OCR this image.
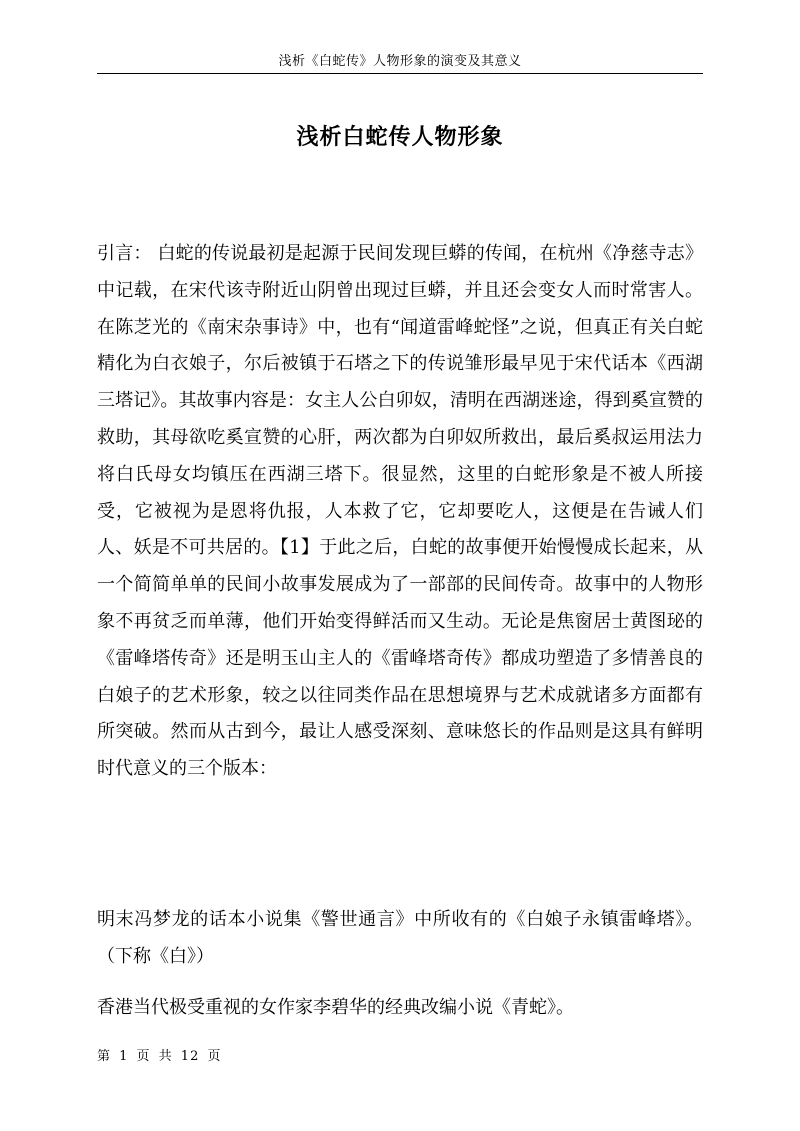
浅析《白蛇传》人物形象的演变及其意义
浅析白蛇传人物形象
引言： 白蛇的传说最初是起源于民间发现巨蟒的传闻，在杭州《净慈寺志》中记载，在宋代该寺附近山阴曾出现过巨蟒，并且还会变女人而时常害人。在陈芝光的《南宋杂事诗》中，也有“闻道雷峰蛇怪”之说，但真正有关白蛇精化为白衣娘子，尔后被镇于石塔之下的传说雏形最早见于宋代话本《西湖三塔记》。其故事内容是：女主人公白卯奴，清明在西湖迷途，得到奚宣赞的救助，其母欲吃奚宣赞的心肝，两次都为白卯奴所救出，最后奚叔运用法力将白氏母女均镇压在西湖三塔下。很显然，这里的白蛇形象是不被人所接受，它被视为是恩将仇报，人本救了它，它却要吃人，这便是在告诫人们人、妖是不可共居的。【1】于此之后，白蛇的故事便开始慢慢成长起来，从一个简简单单的民间小故事发展成为了一部部的民间传奇。故事中的人物形象不再贫乏而单薄，他们开始变得鲜活而又生动。无论是焦窗居士黄图珌的《雷峰塔传奇》还是明玉山主人的《雷峰塔奇传》都成功塑造了多情善良的白娘子的艺术形象，较之以往同类作品在思想境界与艺术成就诸多方面都有所突破。然而从古到今，最让人感受深刻、意味悠长的作品则是这具有鲜明时代意义的三个版本：
明末冯梦龙的话本小说集《警世通言》中所收有的《白娘子永镇雷峰塔》。（下称《白》）
香港当代极受重视的女作家李碧华的经典改编小说《青蛇》。
第 1 页 共 12 页
